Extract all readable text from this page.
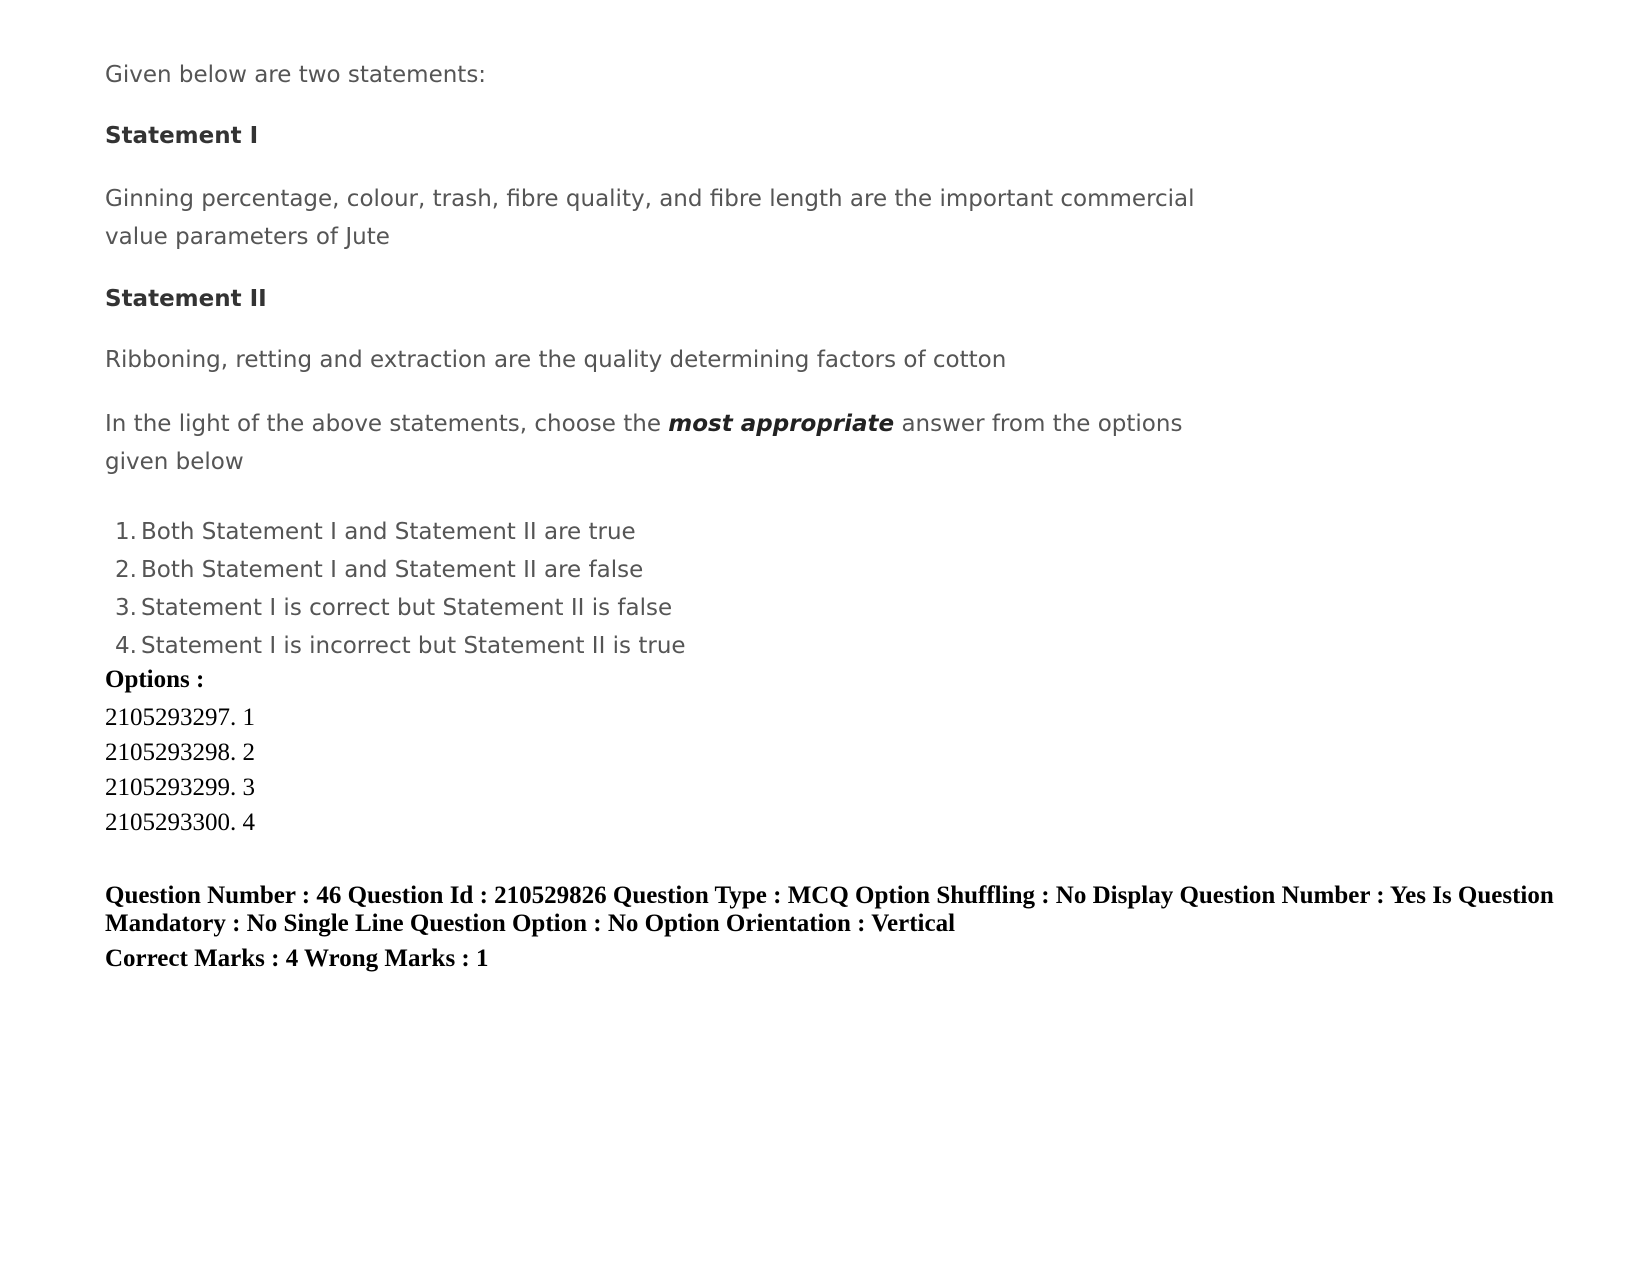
Given below are two statements:

Statement I

Ginning percentage, colour, trash, fibre quality, and fibre length are the important commercial value parameters of Jute

Statement II

Ribboning, retting and extraction are the quality determining factors of cotton

In the light of the above statements, choose the most appropriate answer from the options given below

1. Both Statement I and Statement II are true
2. Both Statement I and Statement II are false
3. Statement I is correct but Statement II is false
4. Statement I is incorrect but Statement II is true

Options :

2105293297. 1
2105293298. 2
2105293299. 3
2105293300. 4

Question Number : 46 Question Id : 210529826 Question Type : MCQ Option Shuffling : No Display Question Number : Yes Is Question Mandatory : No Single Line Question Option : No Option Orientation : Vertical

Correct Marks : 4 Wrong Marks : 1
